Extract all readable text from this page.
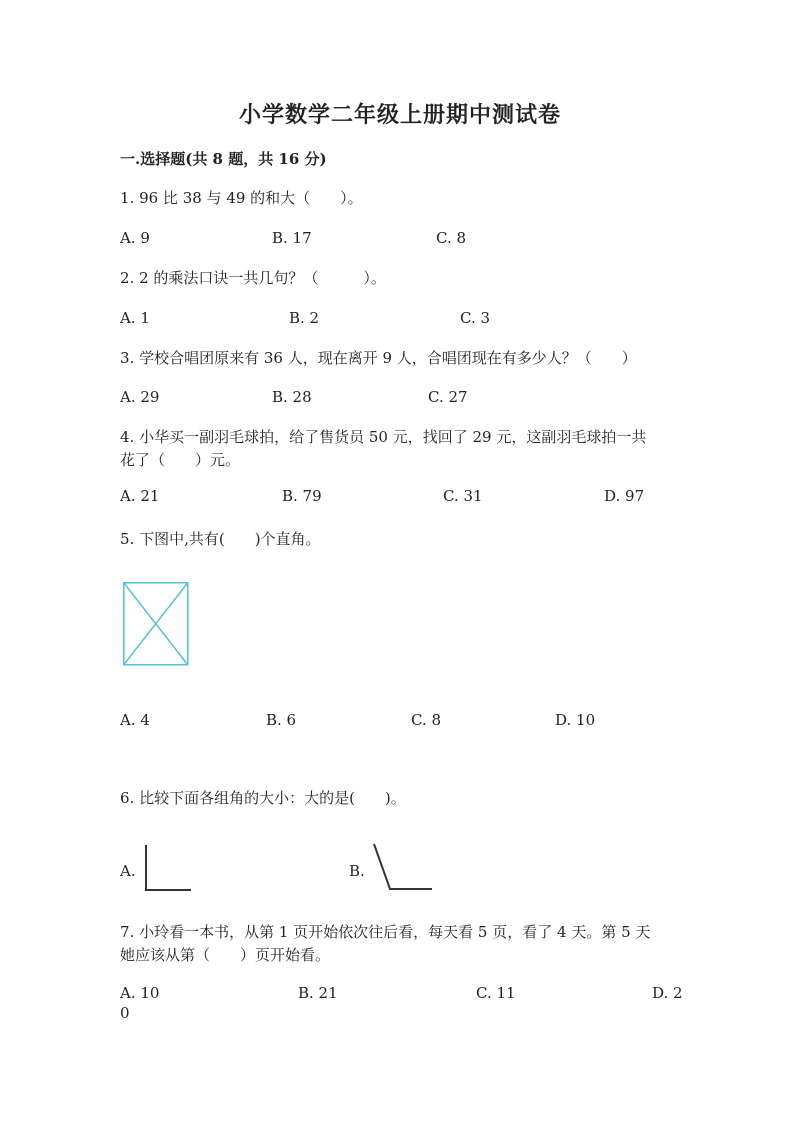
小学数学二年级上册期中测试卷
一.选择题(共 8 题，共 16 分)
1. 96 比 38 与 49 的和大（　　）。
A. 9	B. 17	C. 8
2. 2 的乘法口诀一共几句？（　　　）。
A. 1	B. 2	C. 3
3. 学校合唱团原来有 36 人，现在离开 9 人，合唱团现在有多少人？（　　）
A. 29	B. 28	C. 27
4. 小华买一副羽毛球拍，给了售货员 50 元，找回了 29 元，这副羽毛球拍一共
花了（　　）元。
A. 21	B. 79	C. 31	D. 97
5. 下图中,共有(　　)个直角。
A. 4	B. 6	C. 8	D. 10
6. 比较下面各组角的大小：大的是(　　)。
A.	B.
7. 小玲看一本书，从第 1 页开始依次往后看，每天看 5 页，看了 4 天。第 5 天
她应该从第（　　）页开始看。
A. 10	B. 21	C. 11	D. 2
0
